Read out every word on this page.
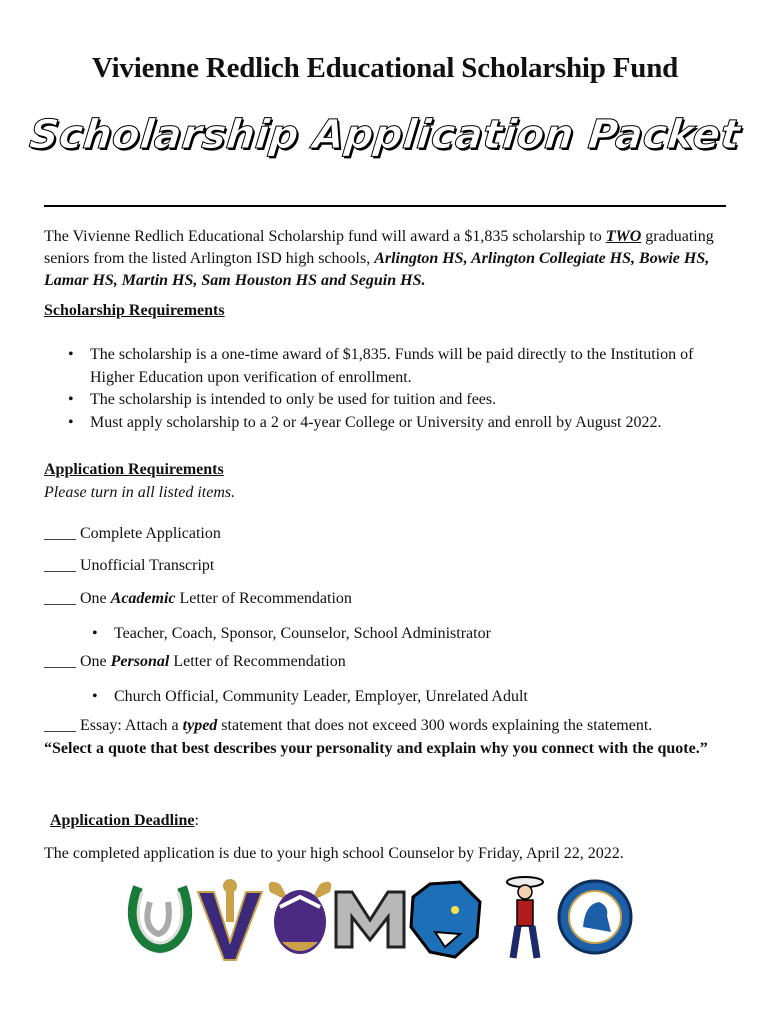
Vivienne Redlich Educational Scholarship Fund
Scholarship Application Packet
The Vivienne Redlich Educational Scholarship fund will award a $1,835 scholarship to TWO graduating seniors from the listed Arlington ISD high schools, Arlington HS, Arlington Collegiate HS, Bowie HS, Lamar HS, Martin HS, Sam Houston HS and Seguin HS.
Scholarship Requirements
• The scholarship is a one-time award of $1,835. Funds will be paid directly to the Institution of Higher Education upon verification of enrollment.
• The scholarship is intended to only be used for tuition and fees.
• Must apply scholarship to a 2 or 4-year College or University and enroll by August 2022.
Application Requirements
Please turn in all listed items.
____ Complete Application
____ Unofficial Transcript
____ One Academic Letter of Recommendation
• Teacher, Coach, Sponsor, Counselor, School Administrator
____ One Personal Letter of Recommendation
• Church Official, Community Leader, Employer, Unrelated Adult
____ Essay: Attach a typed statement that does not exceed 300 words explaining the statement.
“Select a quote that best describes your personality and explain why you connect with the quote.”
Application Deadline:
The completed application is due to your high school Counselor by Friday, April 22, 2022.
